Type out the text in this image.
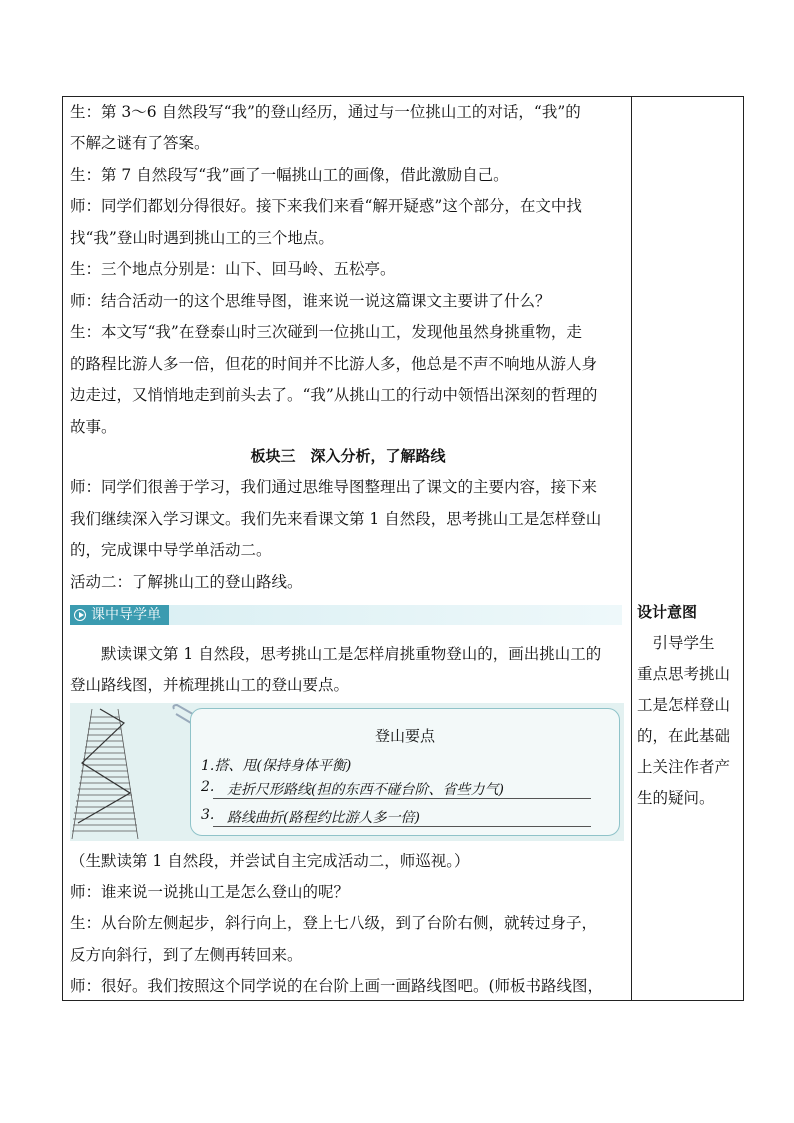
生：第 3～6 自然段写“我”的登山经历，通过与一位挑山工的对话，“我”的
不解之谜有了答案。
生：第 7 自然段写“我”画了一幅挑山工的画像，借此激励自己。
师：同学们都划分得很好。接下来我们来看“解开疑惑”这个部分，在文中找
找“我”登山时遇到挑山工的三个地点。
生：三个地点分别是：山下、回马岭、五松亭。
师：结合活动一的这个思维导图，谁来说一说这篇课文主要讲了什么？
生：本文写“我”在登泰山时三次碰到一位挑山工，发现他虽然身挑重物，走
的路程比游人多一倍，但花的时间并不比游人多，他总是不声不响地从游人身
边走过，又悄悄地走到前头去了。“我”从挑山工的行动中领悟出深刻的哲理的
故事。
板块三　深入分析，了解路线
师：同学们很善于学习，我们通过思维导图整理出了课文的主要内容，接下来
我们继续深入学习课文。我们先来看课文第 1 自然段，思考挑山工是怎样登山
的，完成课中导学单活动二。
活动二：了解挑山工的登山路线。
课中导学单
　　默读课文第 1 自然段，思考挑山工是怎样肩挑重物登山的，画出挑山工的
登山路线图，并梳理挑山工的登山要点。
登山要点
1.搭、甩(保持身体平衡)
2. 走折尺形路线(担的东西不碰台阶、省些力气)
3. 路线曲折(路程约比游人多一倍)
（生默读第 1 自然段，并尝试自主完成活动二，师巡视。）
师：谁来说一说挑山工是怎么登山的呢？
生：从台阶左侧起步，斜行向上，登上七八级，到了台阶右侧，就转过身子，
反方向斜行，到了左侧再转回来。
师：很好。我们按照这个同学说的在台阶上画一画路线图吧。(师板书路线图，
设计意图
　引导学生
重点思考挑山
工是怎样登山
的，在此基础
上关注作者产
生的疑问。
